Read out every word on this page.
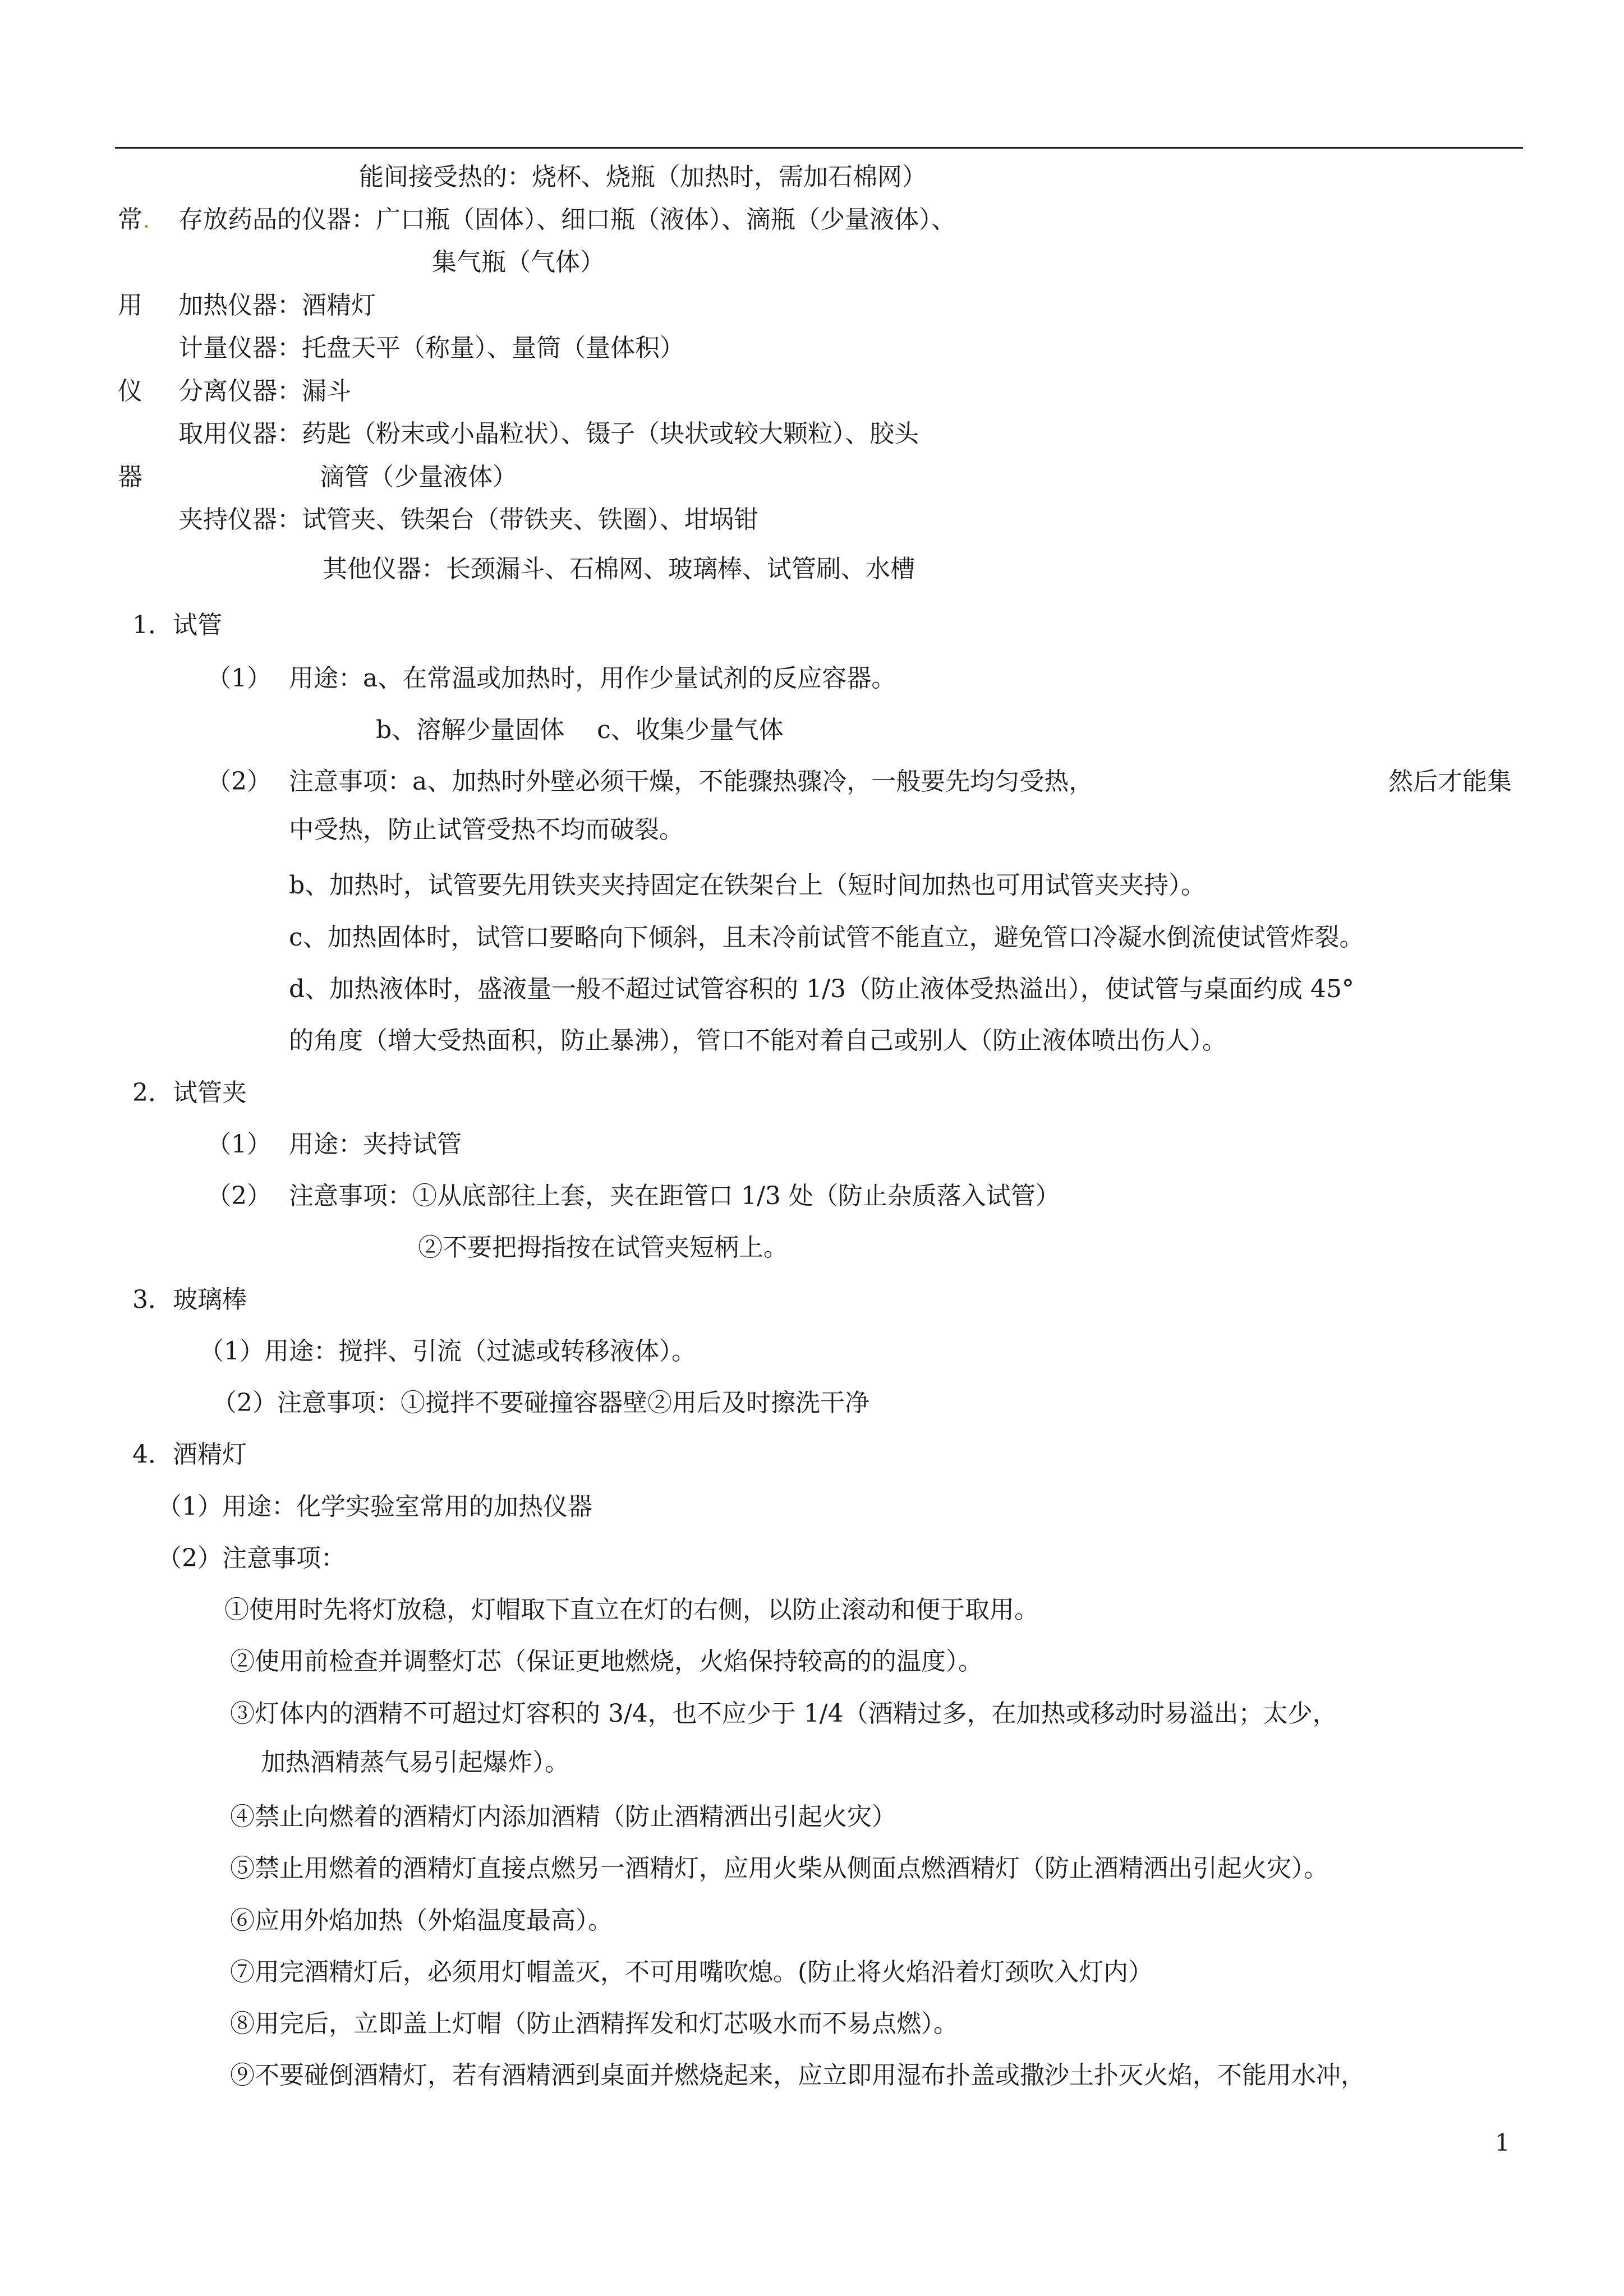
常.
用
仪
器
能间接受热的：烧杯、烧瓶（加热时，需加石棉网）
存放药品的仪器：广口瓶（固体）、细口瓶（液体）、滴瓶（少量液体）、
集气瓶（气体）
加热仪器：酒精灯
计量仪器：托盘天平（称量）、量筒（量体积）
分离仪器：漏斗
取用仪器：药匙（粉末或小晶粒状）、镊子（块状或较大颗粒）、胶头
滴管（少量液体）
夹持仪器：试管夹、铁架台（带铁夹、铁圈）、坩埚钳
其他仪器：长颈漏斗、石棉网、玻璃棒、试管刷、水槽
1．试管
（1） 用途：a、在常温或加热时，用作少量试剂的反应容器。
b、溶解少量固体　 c、收集少量气体
（2） 注意事项：a、加热时外壁必须干燥，不能骤热骤冷，一般要先均匀受热，	然后才能集
中受热，防止试管受热不均而破裂。
b、加热时，试管要先用铁夹夹持固定在铁架台上（短时间加热也可用试管夹夹持）。
c、加热固体时，试管口要略向下倾斜，且未冷前试管不能直立，避免管口冷凝水倒流使试管炸裂。
d、加热液体时，盛液量一般不超过试管容积的 1/3（防止液体受热溢出），使试管与桌面约成 45°
的角度（增大受热面积，防止暴沸），管口不能对着自己或别人（防止液体喷出伤人）。
2．试管夹
（1） 用途：夹持试管
（2） 注意事项：①从底部往上套，夹在距管口 1/3 处（防止杂质落入试管）
②不要把拇指按在试管夹短柄上。
3．玻璃棒
（1）用途：搅拌、引流（过滤或转移液体）。
（2）注意事项：①搅拌不要碰撞容器壁②用后及时擦洗干净
4．酒精灯
（1）用途：化学实验室常用的加热仪器
（2）注意事项：
①使用时先将灯放稳，灯帽取下直立在灯的右侧，以防止滚动和便于取用。
②使用前检查并调整灯芯（保证更地燃烧，火焰保持较高的的温度）。
③灯体内的酒精不可超过灯容积的 3/4，也不应少于 1/4（酒精过多，在加热或移动时易溢出；太少，
加热酒精蒸气易引起爆炸）。
④禁止向燃着的酒精灯内添加酒精（防止酒精洒出引起火灾）
⑤禁止用燃着的酒精灯直接点燃另一酒精灯，应用火柴从侧面点燃酒精灯（防止酒精洒出引起火灾）。
⑥应用外焰加热（外焰温度最高）。
⑦用完酒精灯后，必须用灯帽盖灭，不可用嘴吹熄。(防止将火焰沿着灯颈吹入灯内）
⑧用完后，立即盖上灯帽（防止酒精挥发和灯芯吸水而不易点燃）。
⑨不要碰倒酒精灯，若有酒精洒到桌面并燃烧起来，应立即用湿布扑盖或撒沙土扑灭火焰，不能用水冲，
1
